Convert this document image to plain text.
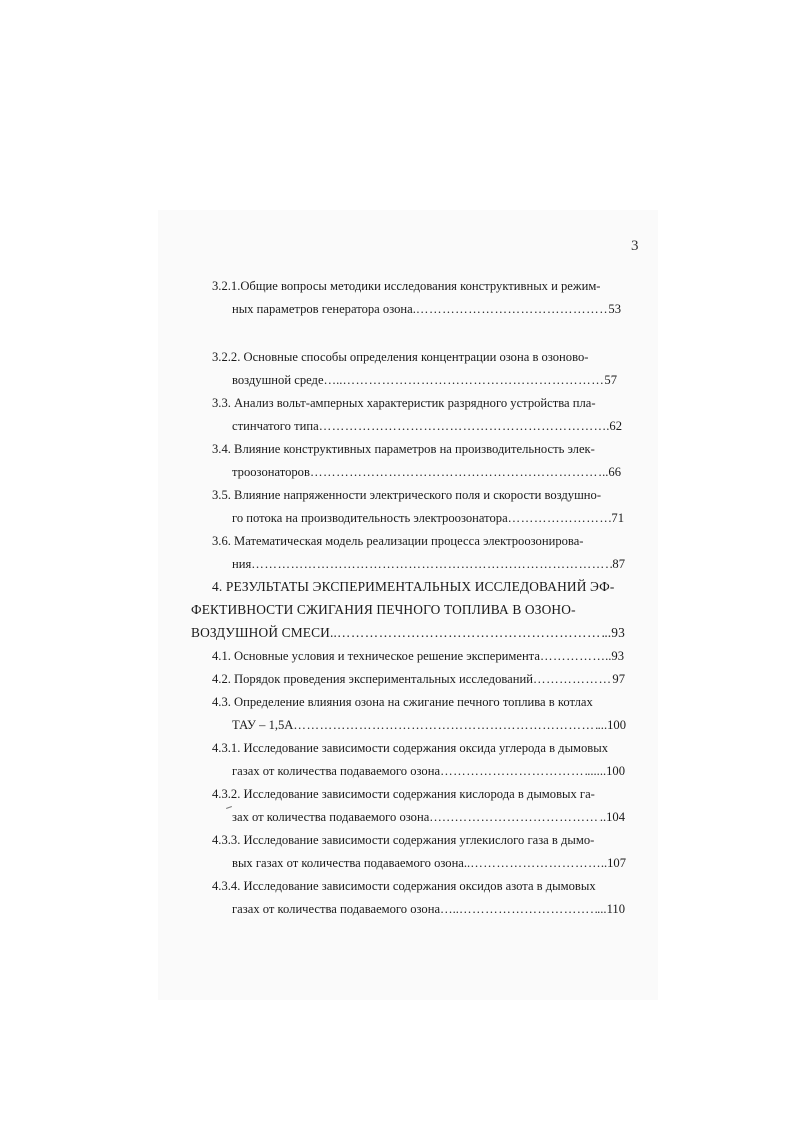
3
3.2.1.Общие вопросы методики исследования конструктивных и режим-
ных параметров генератора озона. …………………………………………………………………………………………………………………………………………………………………………………………………………………………	53
3.2.2. Основные способы определения концентрации озона в озоново-
воздушной среде….. …………………………………………………………………………………………………………………………………………………………………………………………………………………………	57
3.3. Анализ вольт-амперных характеристик разрядного устройства пла-
стинчатого типа …………………………………………………………………………………………………………………………………………………………………………………………………………………………	.62
3.4. Влияние конструктивных параметров на производительность элек-
троозонаторов …………………………………………………………………………………………………………………………………………………………………………………………………………………………	..66
3.5. Влияние напряженности электрического поля и скорости воздушно-
го потока на производительность электроозонатора …………………………………………………………………………………………………………………………………………………………………………………………………………………………	71
3.6. Математическая модель реализации процесса электроозонирова-
ния …………………………………………………………………………………………………………………………………………………………………………………………………………………………	87
4. РЕЗУЛЬТАТЫ ЭКСПЕРИМЕНТАЛЬНЫХ ИССЛЕДОВАНИЙ ЭФ-
ФЕКТИВНОСТИ СЖИГАНИЯ ПЕЧНОГО ТОПЛИВА В ОЗОНО-
ВОЗДУШНОЙ СМЕСИ.. …………………………………………………………………………………………………………………………………………………………………………………………………………………………	..93
4.1. Основные условия и техническое решение эксперимента …………………………………………………………………………………………………………………………………………………………………………………………………………………………	..93
4.2. Порядок проведения экспериментальных исследований …………………………………………………………………………………………………………………………………………………………………………………………………………………………	97
4.3. Определение влияния озона на сжигание печного топлива в котлах
ТАУ – 1,5А …………………………………………………………………………………………………………………………………………………………………………………………………………………………	...100
4.3.1. Исследование зависимости содержания оксида углерода в дымовых
газах от количества подаваемого озона …………………………………………………………………………………………………………………………………………………………………………………………………………………………	......100
4.3.2. Исследование зависимости содержания кислорода в дымовых га-
зах от количества подаваемого озона…… …………………………………………………………………………………………………………………………………………………………………………………………………………………………	..104
4.3.3. Исследование зависимости содержания углекислого газа в дымо-
вых газах от количества подаваемого озона.. …………………………………………………………………………………………………………………………………………………………………………………………………………………………	..107
4.3.4. Исследование зависимости содержания оксидов азота в дымовых
газах от количества подаваемого озона….. …………………………………………………………………………………………………………………………………………………………………………………………………………………………	...110
